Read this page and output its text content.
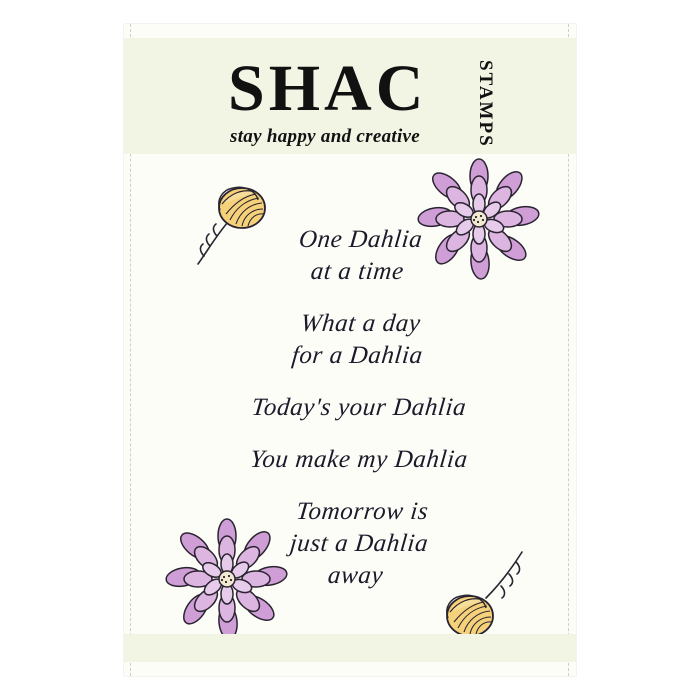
SHAC	STAMPS
stay happy and creative
One Dahlia
at a time
What a day
for a Dahlia
Today's your Dahlia
You make my Dahlia
Tomorrow is
just a Dahlia
away
